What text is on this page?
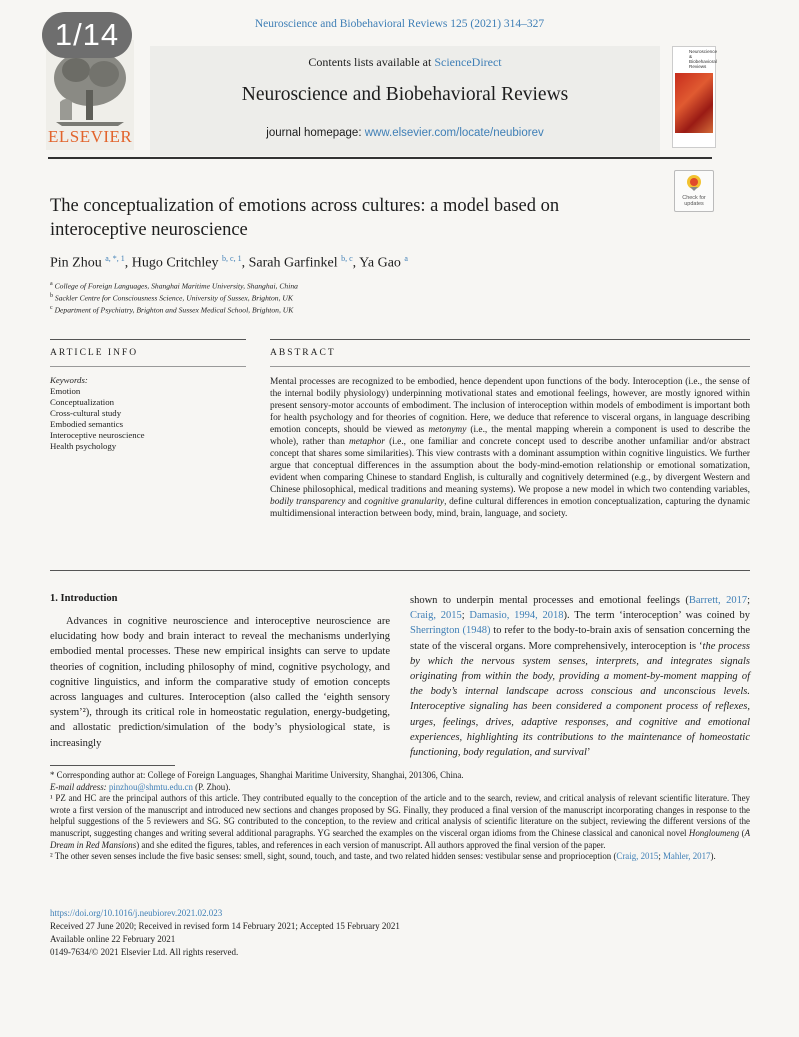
Neuroscience and Biobehavioral Reviews 125 (2021) 314–327
ELSEVIER
1/14
Contents lists available at ScienceDirect
Neuroscience and Biobehavioral Reviews
journal homepage: www.elsevier.com/locate/neubiorev
Neuroscience & Biobehavioral Reviews
Check for updates
The conceptualization of emotions across cultures: a model based on
interoceptive neuroscience
Pin Zhou $^{a, *, 1}$, Hugo Critchley $^{b, c, 1}$, Sarah Garfinkel $^{b, c}$, Ya Gao $^a$
$^a$ College of Foreign Languages, Shanghai Maritime University, Shanghai, China
$^b$ Sackler Centre for Consciousness Science, University of Sussex, Brighton, UK
$^c$ Department of Psychiatry, Brighton and Sussex Medical School, Brighton, UK
ARTICLE INFO	ABSTRACT
Keywords:
Emotion
Conceptualization
Cross-cultural study
Embodied semantics
Interoceptive neuroscience
Health psychology
Mental processes are recognized to be embodied, hence dependent upon functions of the body. Interoception (i.e., the sense of the internal bodily physiology) underpinning motivational states and emotional feelings, however, are mostly ignored within present sensory-motor accounts of embodiment. The inclusion of interoception within models of embodiment is important both for health psychology and for theories of cognition. Here, we deduce that reference to visceral organs, in language describing emotion concepts, should be viewed as metonymy (i.e., the mental mapping wherein a component is used to describe the whole), rather than metaphor (i.e., one familiar and concrete concept used to describe another unfamiliar and/or abstract concept that shares some similarities). This view contrasts with a dominant assumption within cognitive linguistics. We further argue that conceptual differences in the assumption about the body-mind-emotion relationship or emotional somatization, evident when comparing Chinese to standard English, is culturally and cognitively determined (e.g., by divergent Western and Chinese philosophical, medical traditions and meaning systems). We propose a new model in which two contending variables, bodily transparency and cognitive granularity, define cultural differences in emotion conceptualization, capturing the dynamic multidimensional interaction between body, mind, brain, language, and society.
1. Introduction

Advances in cognitive neuroscience and interoceptive neuroscience are elucidating how body and brain interact to reveal the mechanisms underlying embodied mental processes. These new empirical insights can serve to update theories of cognition, including philosophy of mind, cognitive psychology, and cognitive linguistics, and inform the comparative study of emotion concepts across languages and cultures. Interoception (also called the ‘eighth sensory system’²), through its critical role in homeostatic regulation, energy-budgeting, and allostatic prediction/simulation of the body’s physiological state, is increasingly

shown to underpin mental processes and emotional feelings (Barrett, 2017; Craig, 2015; Damasio, 1994, 2018). The term ‘interoception’ was coined by Sherrington (1948) to refer to the body-to-brain axis of sensation concerning the state of the visceral organs. More comprehensively, interoception is ‘the process by which the nervous system senses, interprets, and integrates signals originating from within the body, providing a moment-by-moment mapping of the body’s internal landscape across conscious and unconscious levels. Interoceptive signaling has been considered a component process of reflexes, urges, feelings, drives, adaptive responses, and cognitive and emotional experiences, highlighting its contributions to the maintenance of homeostatic functioning, body regulation, and survival’

* Corresponding author at: College of Foreign Languages, Shanghai Maritime University, Shanghai, 201306, China.

E-mail address: pinzhou@shmtu.edu.cn (P. Zhou).

¹ PZ and HC are the principal authors of this article. They contributed equally to the conception of the article and to the search, review, and critical analysis of relevant scientific literature. They wrote a first version of the manuscript and introduced new sections and changes proposed by SG. Finally, they produced a final version of the manuscript incorporating changes in response to the helpful suggestions of the 5 reviewers and SG. SG contributed to the conception, to the review and critical analysis of scientific literature on the subject, reviewing the different versions of the manuscript, suggesting changes and writing several additional paragraphs. YG searched the examples on the visceral organ idioms from the Chinese classical and canonical novel Hongloumeng (A Dream in Red Mansions) and she edited the figures, tables, and references in each version of manuscript. All authors approved the final version of the paper.

² The other seven senses include the five basic senses: smell, sight, sound, touch, and taste, and two related hidden senses: vestibular sense and proprioception (Craig, 2015; Mahler, 2017).

https://doi.org/10.1016/j.neubiorev.2021.02.023
Received 27 June 2020; Received in revised form 14 February 2021; Accepted 15 February 2021
Available online 22 February 2021
0149-7634/© 2021 Elsevier Ltd. All rights reserved.
